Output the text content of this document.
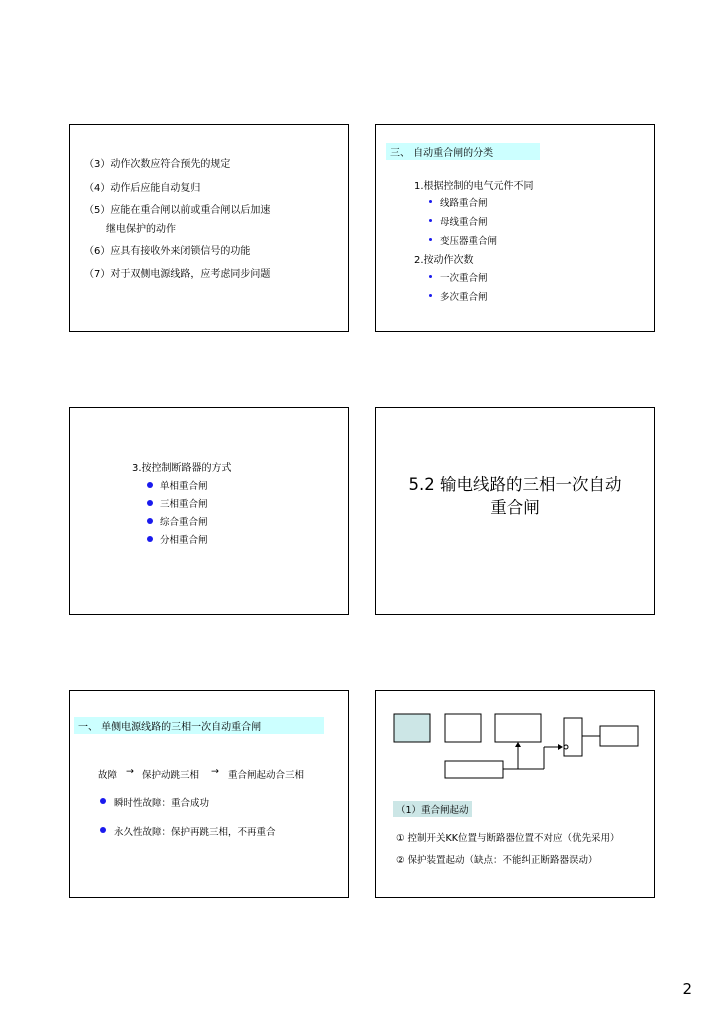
（3）动作次数应符合预先的规定
（4）动作后应能自动复归
（5）应能在重合闸以前或重合闸以后加速
继电保护的动作
（6）应具有接收外来闭锁信号的功能
（7）对于双侧电源线路，应考虑同步问题
三、 自动重合闸的分类
1.根据控制的电气元件不同
线路重合闸
母线重合闸
变压器重合闸
2.按动作次数
一次重合闸
多次重合闸
3.按控制断路器的方式
单相重合闸
三相重合闸
综合重合闸
分相重合闸
5.2 输电线路的三相一次自动
重合闸
一、 单侧电源线路的三相一次自动重合闸
故障 → 保护动跳三相 → 重合闸起动合三相
瞬时性故障：重合成功
永久性故障：保护再跳三相，不再重合
（1）重合闸起动
① 控制开关KK位置与断路器位置不对应（优先采用）
② 保护装置起动（缺点：不能纠正断路器误动）
2
